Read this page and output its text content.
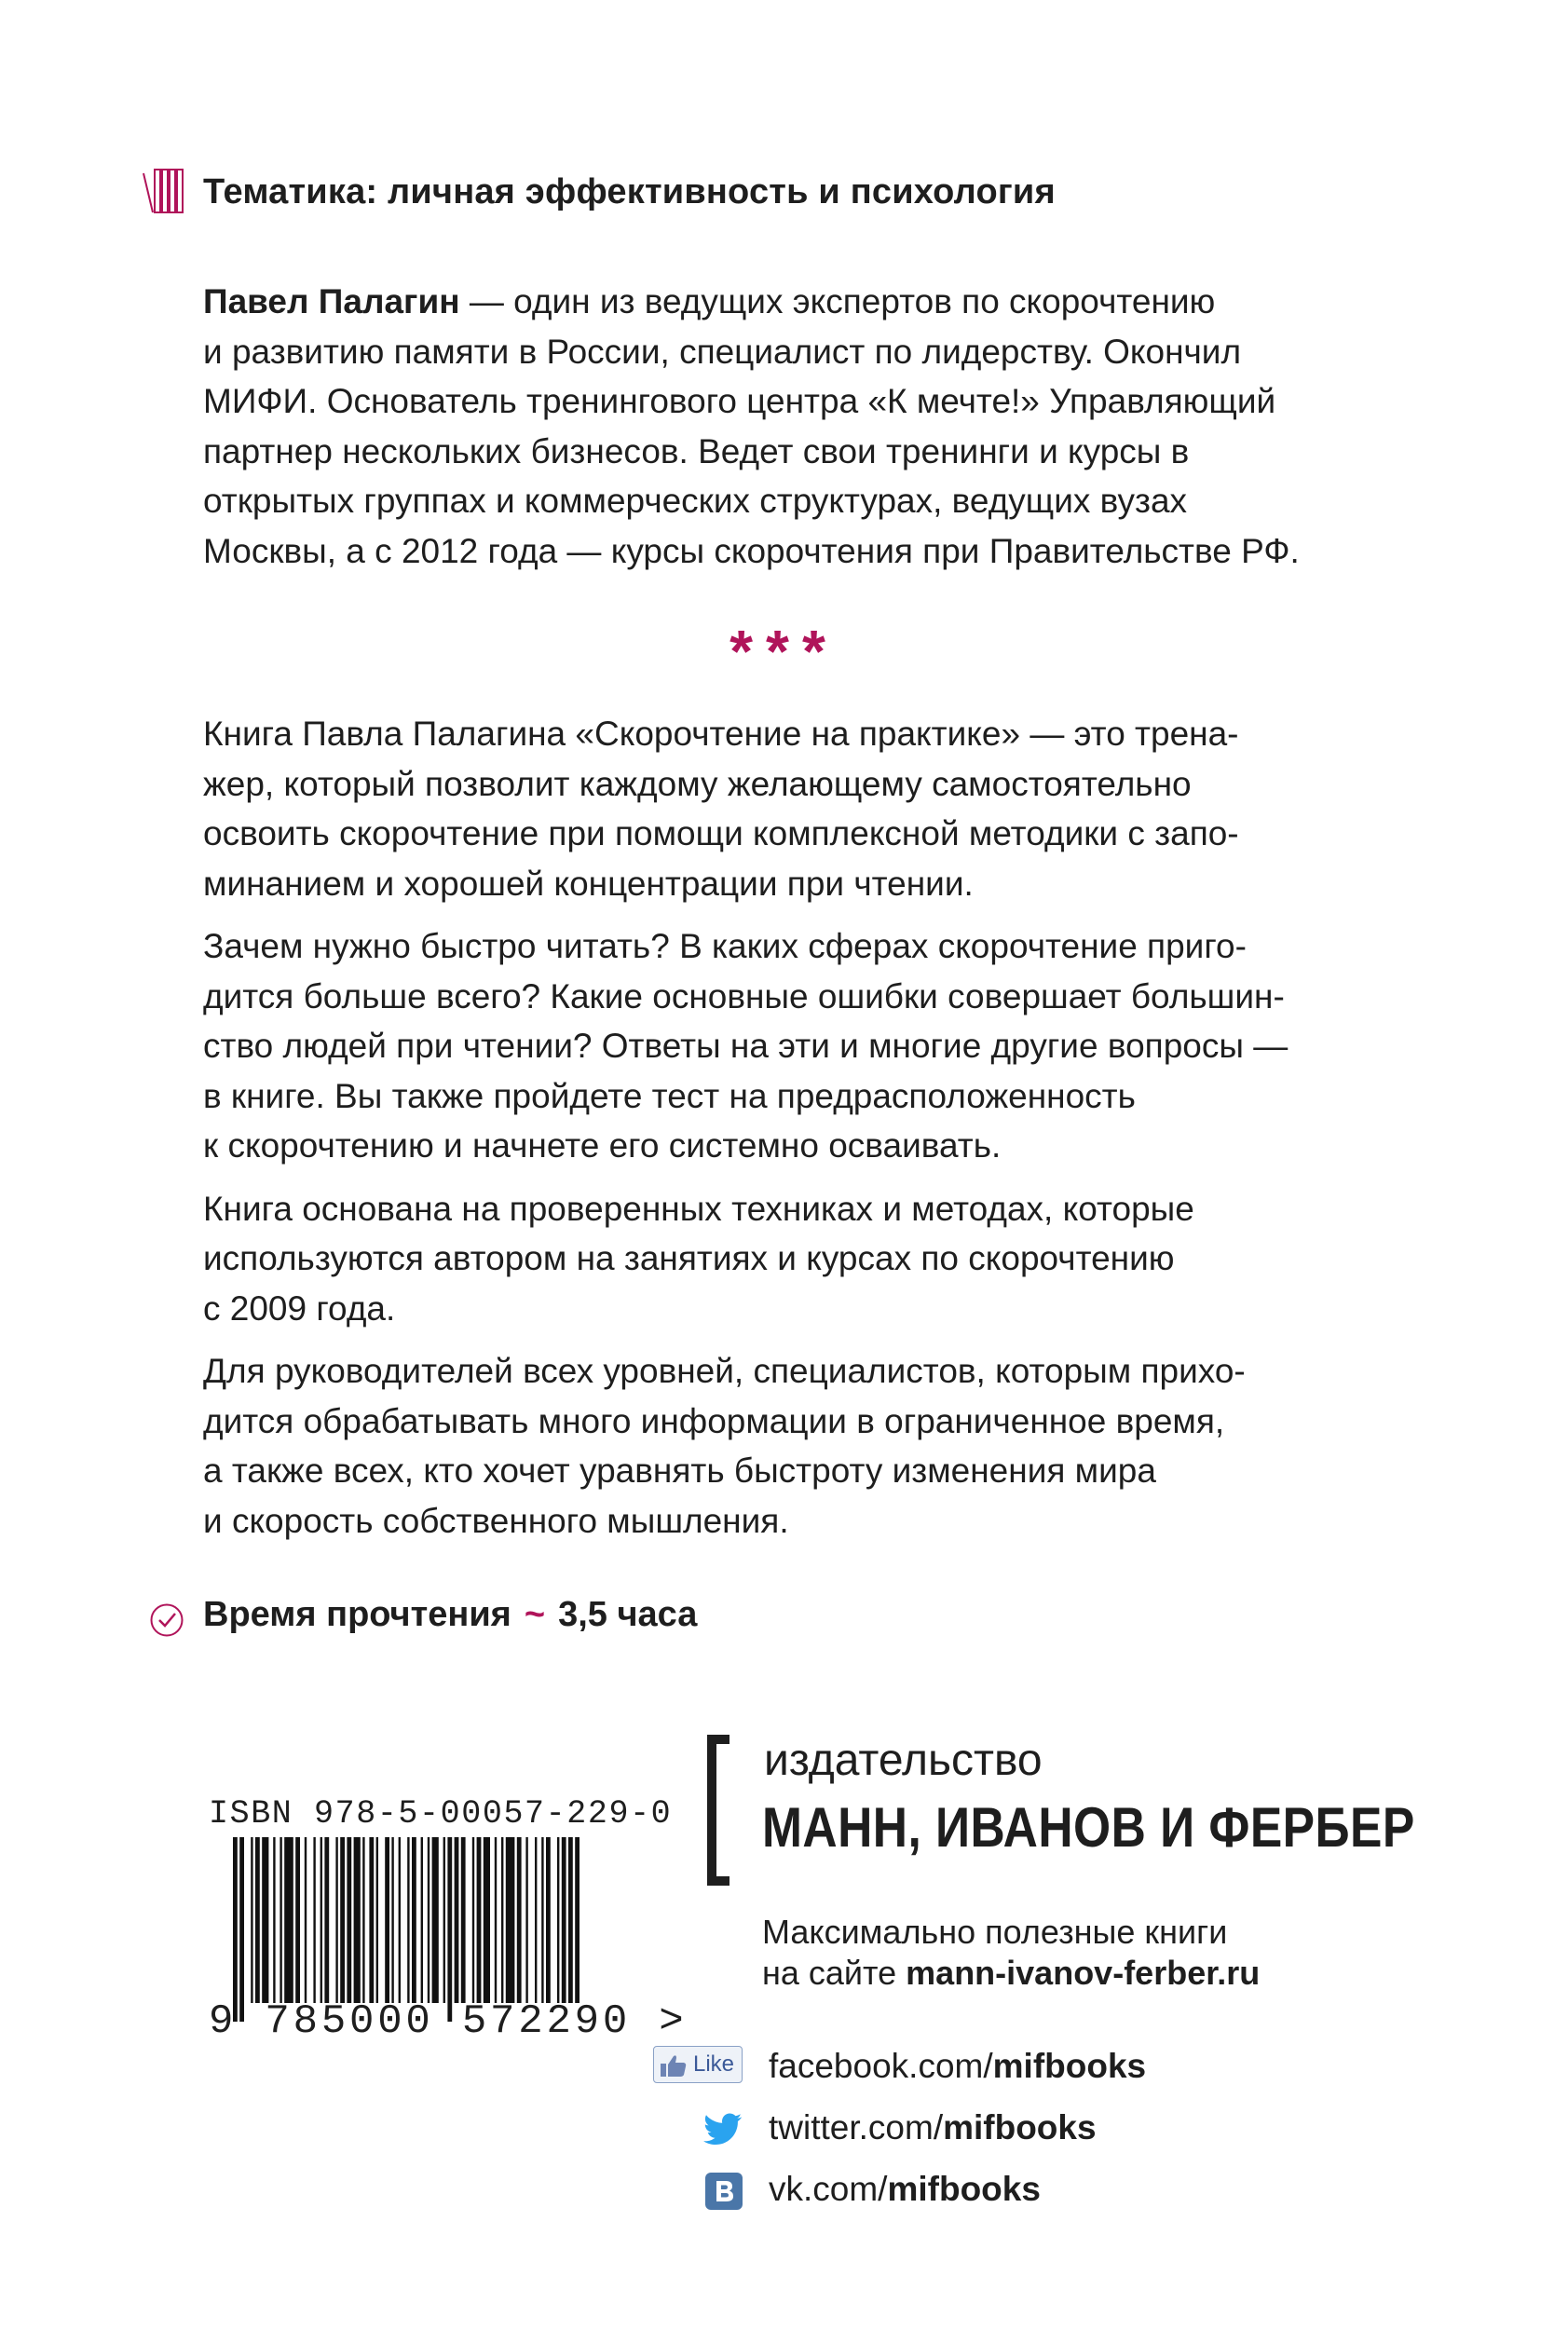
Тематика: личная эффективность и психология

Павел Палагин — один из ведущих экспертов по скорочтению

и развитию памяти в России, специалист по лидерству. Окончил

МИФИ. Основатель тренингового центра «К мечте!» Управляющий

партнер нескольких бизнесов. Ведет свои тренинги и курсы в

открытых группах и коммерческих структурах, ведущих вузах

Москвы, а с 2012 года — курсы скорочтения при Правительстве РФ.

***
Книга Павла Палагина «Скорочтение на практике» — это трена-
жер, который позволит каждому желающему самостоятельно
освоить скорочтение при помощи комплексной методики с запо-
минанием и хорошей концентрации при чтении.
Зачем нужно быстро читать? В каких сферах скорочтение приго-
дится больше всего? Какие основные ошибки совершает большин-
ство людей при чтении? Ответы на эти и многие другие вопросы —
в книге. Вы также пройдете тест на предрасположенность
к скорочтению и начнете его системно осваивать.
Книга основана на проверенных техниках и методах, которые
используются автором на занятиях и курсах по скорочтению
с 2009 года.
Для руководителей всех уровней, специалистов, которым прихо-
дится обрабатывать много информации в ограниченное время,
а также всех, кто хочет уравнять быстроту изменения мира
и скорость собственного мышления.
Время прочтения ~ 3,5 часа
ISBN 978-5-00057-229-0
9 785000 572290 >
издательство
МАНН, ИВАНОВ И ФЕРБЕР
Максимально полезные книги
на сайте mann-ivanov-ferber.ru
Like facebook.com/mifbooks
twitter.com/mifbooks
vk.com/mifbooks
